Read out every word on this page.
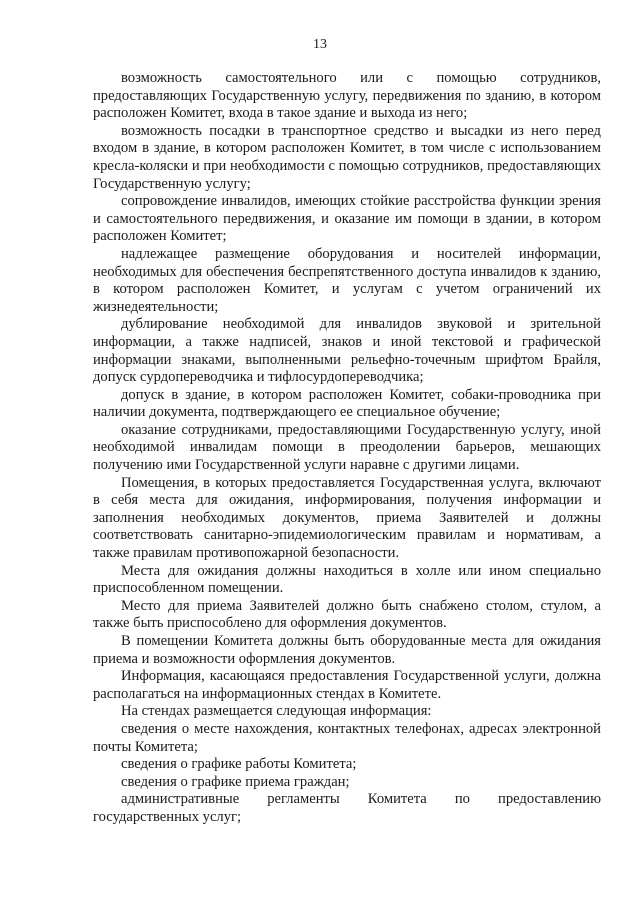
13

возможность самостоятельного или с помощью сотрудников, предоставляющих Государственную услугу, передвижения по зданию, в котором расположен Комитет, входа в такое здание и выхода из него;

возможность посадки в транспортное средство и высадки из него перед входом в здание, в котором расположен Комитет, в том числе с использованием кресла-коляски и при необходимости с помощью сотрудников, предоставляющих Государственную услугу;

сопровождение инвалидов, имеющих стойкие расстройства функции зрения и самостоятельного передвижения, и оказание им помощи в здании, в котором расположен Комитет;

надлежащее размещение оборудования и носителей информации, необходимых для обеспечения беспрепятственного доступа инвалидов к зданию, в котором расположен Комитет, и услугам с учетом ограничений их жизнедеятельности;

дублирование необходимой для инвалидов звуковой и зрительной информации, а также надписей, знаков и иной текстовой и графической информации знаками, выполненными рельефно-точечным шрифтом Брайля, допуск сурдопереводчика и тифлосурдопереводчика;

допуск в здание, в котором расположен Комитет, собаки-проводника при наличии документа, подтверждающего ее специальное обучение;

оказание сотрудниками, предоставляющими Государственную услугу, иной необходимой инвалидам помощи в преодолении барьеров, мешающих получению ими Государственной услуги наравне с другими лицами.

Помещения, в которых предоставляется Государственная услуга, включают в себя места для ожидания, информирования, получения информации и заполнения необходимых документов, приема Заявителей и должны соответствовать санитарно-эпидемиологическим правилам и нормативам, а также правилам противопожарной безопасности.

Места для ожидания должны находиться в холле или ином специально приспособленном помещении.

Место для приема Заявителей должно быть снабжено столом, стулом, а также быть приспособлено для оформления документов.

В помещении Комитета должны быть оборудованные места для ожидания приема и возможности оформления документов.

Информация, касающаяся предоставления Государственной услуги, должна располагаться на информационных стендах в Комитете.

На стендах размещается следующая информация:

сведения о месте нахождения, контактных телефонах, адресах электронной почты Комитета;

сведения о графике работы Комитета;

сведения о графике приема граждан;

административные регламенты Комитета по предоставлению государственных услуг;
